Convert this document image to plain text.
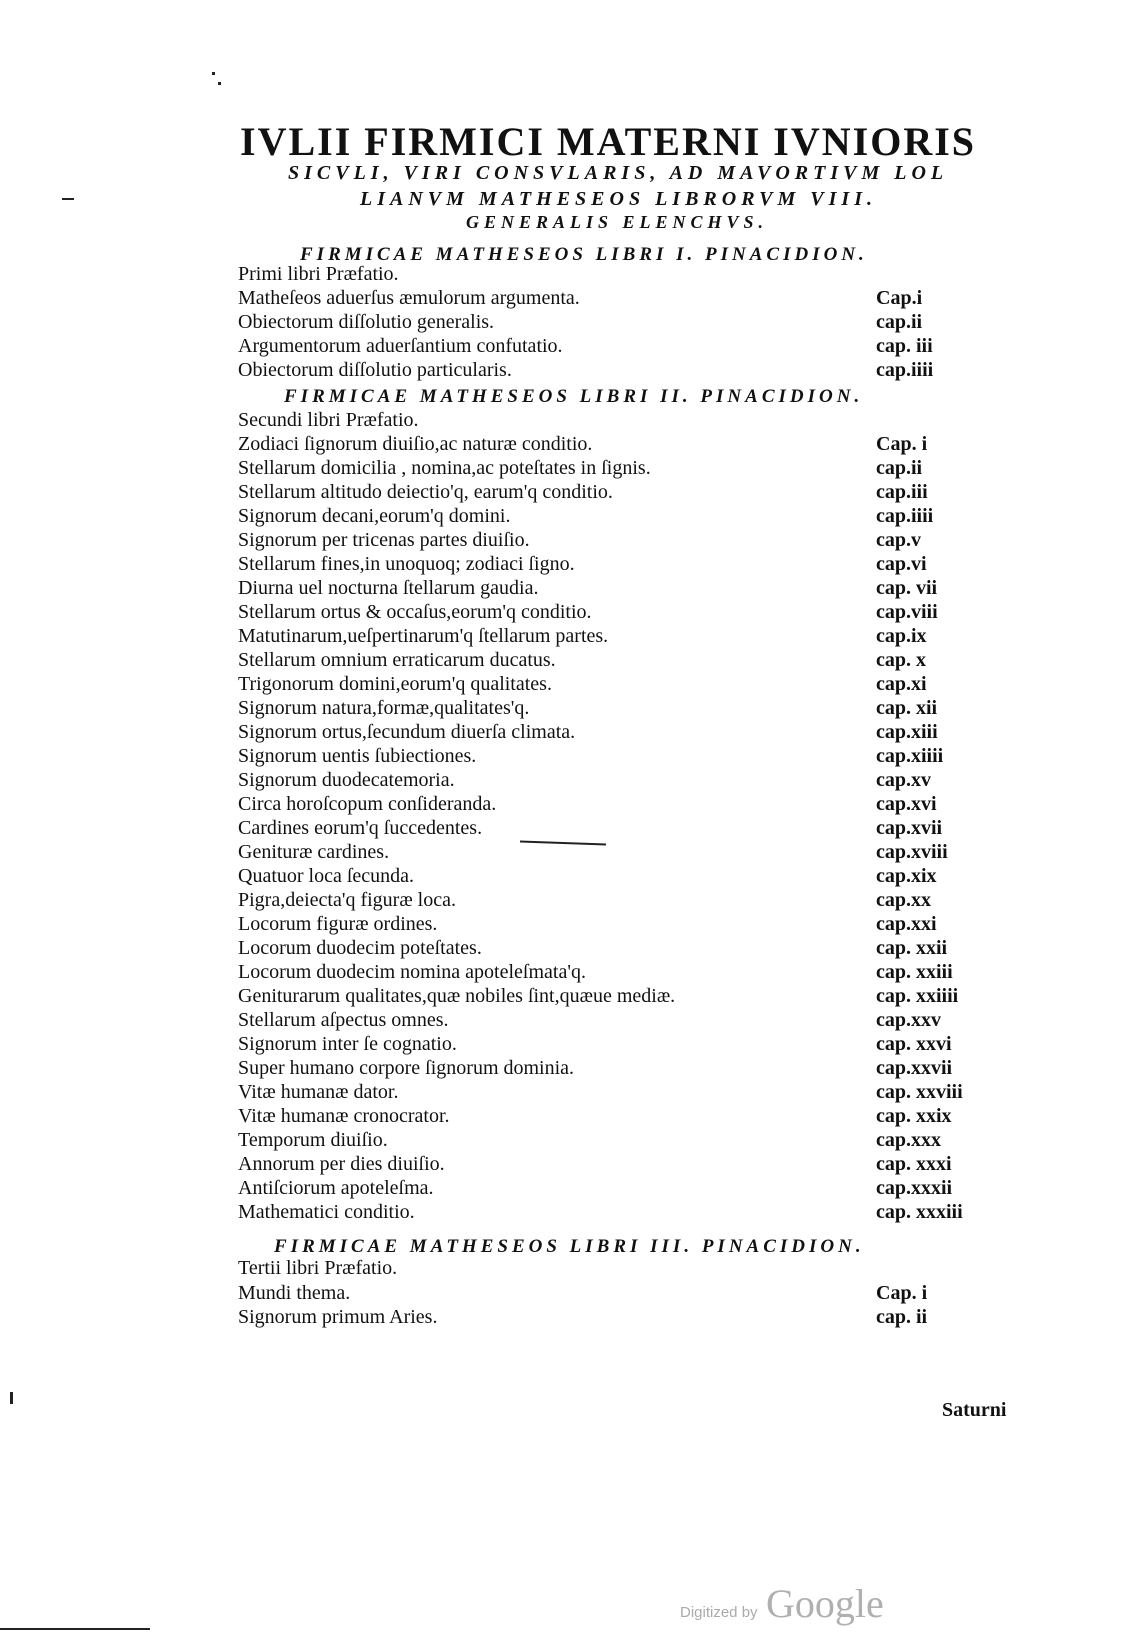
IVLII FIRMICI MATERNI IVNIORIS
SICVLI, VIRI CONSVLARIS, AD MAVORTIVM LOL
LIANVM MATHESEOS LIBRORVM VIII.
GENERALIS ELENCHVS.
FIRMICAE MATHESEOS LIBRI I. PINACIDION.
Primi libri Præfatio.
Matheſeos aduerſus æmulorum argumenta.	Cap.i
Obiectorum diſſolutio generalis.	cap.ii
Argumentorum aduerſantium confutatio.	cap. iii
Obiectorum diſſolutio particularis.	cap.iiii
FIRMICAE MATHESEOS LIBRI II. PINACIDION.
Secundi libri Præfatio.
Zodiaci ſignorum diuiſio,ac naturæ conditio.	Cap. i
Stellarum domicilia , nomina,ac poteſtates in ſignis.	cap.ii
Stellarum altitudo deiectio'q, earum'q conditio.	cap.iii
Signorum decani,eorum'q domini.	cap.iiii
Signorum per tricenas partes diuiſio.	cap.v
Stellarum fines,in unoquoq; zodiaci ſigno.	cap.vi
Diurna uel nocturna ſtellarum gaudia.	cap. vii
Stellarum ortus & occaſus,eorum'q conditio.	cap.viii
Matutinarum,ueſpertinarum'q ſtellarum partes.	cap.ix
Stellarum omnium erraticarum ducatus.	cap. x
Trigonorum domini,eorum'q qualitates.	cap.xi
Signorum natura,formæ,qualitates'q.	cap. xii
Signorum ortus,ſecundum diuerſa climata.	cap.xiii
Signorum uentis ſubiectiones.	cap.xiiii
Signorum duodecatemoria.	cap.xv
Circa horoſcopum conſideranda.	cap.xvi
Cardines eorum'q ſuccedentes.	cap.xvii
Genituræ cardines.	cap.xviii
Quatuor loca ſecunda.	cap.xix
Pigra,deiecta'q figuræ loca.	cap.xx
Locorum figuræ ordines.	cap.xxi
Locorum duodecim poteſtates.	cap. xxii
Locorum duodecim nomina apoteleſmata'q.	cap. xxiii
Geniturarum qualitates,quæ nobiles ſint,quæue mediæ.	cap. xxiiii
Stellarum aſpectus omnes.	cap.xxv
Signorum inter ſe cognatio.	cap. xxvi
Super humano corpore ſignorum dominia.	cap.xxvii
Vitæ humanæ dator.	cap. xxviii
Vitæ humanæ cronocrator.	cap. xxix
Temporum diuiſio.	cap.xxx
Annorum per dies diuiſio.	cap. xxxi
Antiſciorum apoteleſma.	cap.xxxii
Mathematici conditio.	cap. xxxiii
FIRMICAE MATHESEOS LIBRI III. PINACIDION.
Tertii libri Præfatio.
Mundi thema.	Cap. i
Signorum primum Aries.	cap. ii
Saturni
Digitized by Google
